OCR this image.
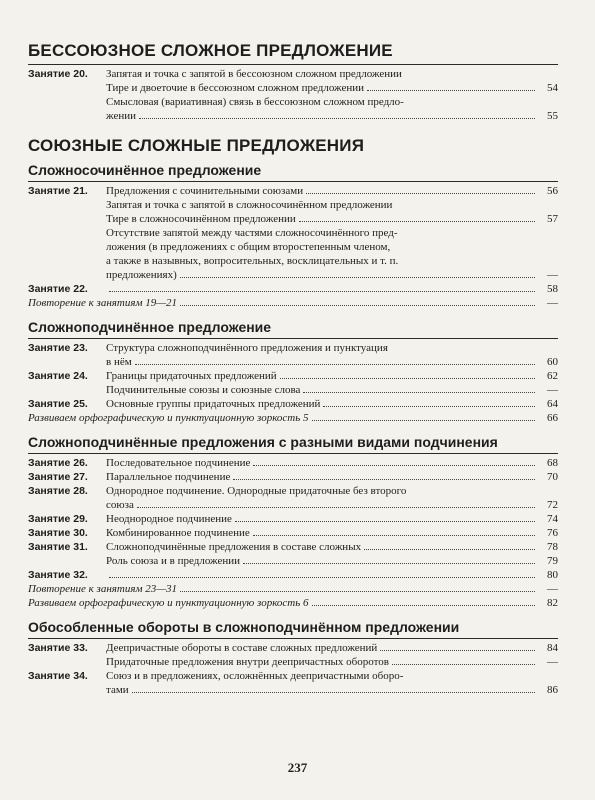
БЕССОЮЗНОЕ СЛОЖНОЕ ПРЕДЛОЖЕНИЕ
Занятие 20.	Запятая и точка с запятой в бессоюзном сложном предложении
Тире и двоеточие в бессоюзном сложном предложении	54
Смысловая (вариативная) связь в бессоюзном сложном предло-
жении	55
СОЮЗНЫЕ СЛОЖНЫЕ ПРЕДЛОЖЕНИЯ
Сложносочинённое предложение
Занятие 21.	Предложения с сочинительными союзами	56
Запятая и точка с запятой в сложносочинённом предложении
Тире в сложносочинённом предложении	57
Отсутствие запятой между частями сложносочинённого пред-
ложения (в предложениях с общим второстепенным членом,
а также в назывных, вопросительных, восклицательных и т. п.
предложениях)	—
Занятие 22.	58
Повторение к занятиям 19—21	—
Сложноподчинённое предложение
Занятие 23.	Структура сложноподчинённого предложения и пунктуация
в нём	60
Занятие 24.	Границы придаточных предложений	62
Подчинительные союзы и союзные слова	—
Занятие 25.	Основные группы придаточных предложений	64
Развиваем орфографическую и пунктуационную зоркость 5	66
Сложноподчинённые предложения с разными видами подчинения
Занятие 26.	Последовательное подчинение	68
Занятие 27.	Параллельное подчинение	70
Занятие 28.	Однородное подчинение. Однородные придаточные без второго
союза	72
Занятие 29.	Неоднородное подчинение	74
Занятие 30.	Комбинированное подчинение	76
Занятие 31.	Сложноподчинённые предложения в составе сложных	78
Роль союза и в предложении	79
Занятие 32.	80
Повторение к занятиям 23—31	—
Развиваем орфографическую и пунктуационную зоркость 6	82
Обособленные обороты в сложноподчинённом предложении
Занятие 33.	Деепричастные обороты в составе сложных предложений	84
Придаточные предложения внутри деепричастных оборотов	—
Занятие 34.	Союз и в предложениях, осложнённых деепричастными оборо-
тами	86
237
